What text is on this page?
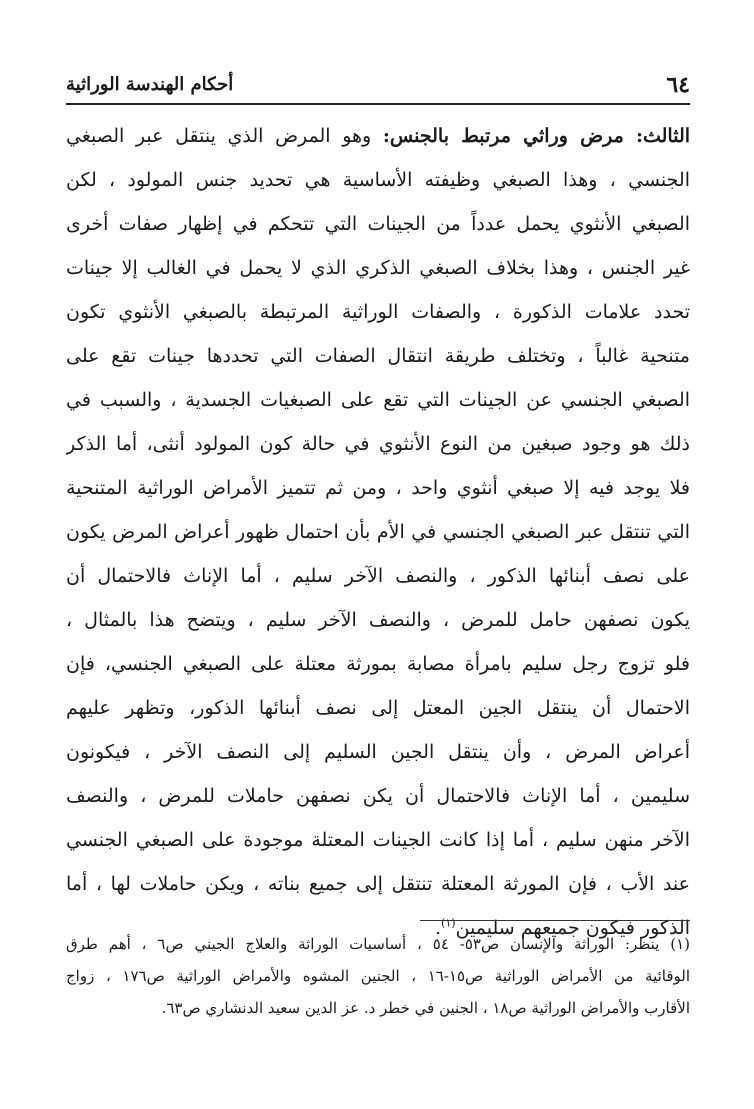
٦٤
أحكام الهندسة الوراثية
الثالث: مرض وراثي مرتبط بالجنس: وهو المرض الذي ينتقل عبر الصبغي
الجنسي ، وهذا الصبغي وظيفته الأساسية هي تحديد جنس المولود ، لكن
الصبغي الأنثوي يحمل عدداً من الجينات التي تتحكم في إظهار صفات أخرى
غير الجنس ، وهذا بخلاف الصبغي الذكري الذي لا يحمل في الغالب إلا جينات
تحدد علامات الذكورة ، والصفات الوراثية المرتبطة بالصبغي الأنثوي تكون
متنحية غالباً ، وتختلف طريقة انتقال الصفات التي تحددها جينات تقع على
الصبغي الجنسي عن الجينات التي تقع على الصبغيات الجسدية ، والسبب في
ذلك هو وجود صبغين من النوع الأنثوي في حالة كون المولود أنثى، أما الذكر
فلا يوجد فيه إلا صبغي أنثوي واحد ، ومن ثم تتميز الأمراض الوراثية المتنحية
التي تنتقل عبر الصبغي الجنسي في الأم بأن احتمال ظهور أعراض المرض يكون
على نصف أبنائها الذكور ، والنصف الآخر سليم ، أما الإناث فالاحتمال أن
يكون نصفهن حامل للمرض ، والنصف الآخر سليم ، ويتضح هذا بالمثال ،
فلو تزوج رجل سليم بامرأة مصابة بمورثة معتلة على الصبغي الجنسي، فإن
الاحتمال أن ينتقل الجين المعتل إلى نصف أبنائها الذكور، وتظهر عليهم
أعراض المرض ، وأن ينتقل الجين السليم إلى النصف الآخر ، فيكونون
سليمين ، أما الإناث فالاحتمال أن يكن نصفهن حاملات للمرض ، والنصف
الآخر منهن سليم ، أما إذا كانت الجينات المعتلة موجودة على الصبغي الجنسي
عند الأب ، فإن المورثة المعتلة تنتقل إلى جميع بناته ، ويكن حاملات لها ، أما
الذكور فيكون جميعهم سليمين$^{(١)}$.
(١) ينظر: الوراثة والإنسان ص٥٣- ٥٤ ، أساسيات الوراثة والعلاج الجيني ص٦ ، أهم طرق
الوقائية من الأمراض الوراثية ص١٥-١٦ ، الجنين المشوه والأمراض الوراثية ص١٧٦ ، زواج
الأقارب والأمراض الوراثية ص١٨ ، الجنين في خطر د. عز الدين سعيد الدنشاري ص٦٣.
